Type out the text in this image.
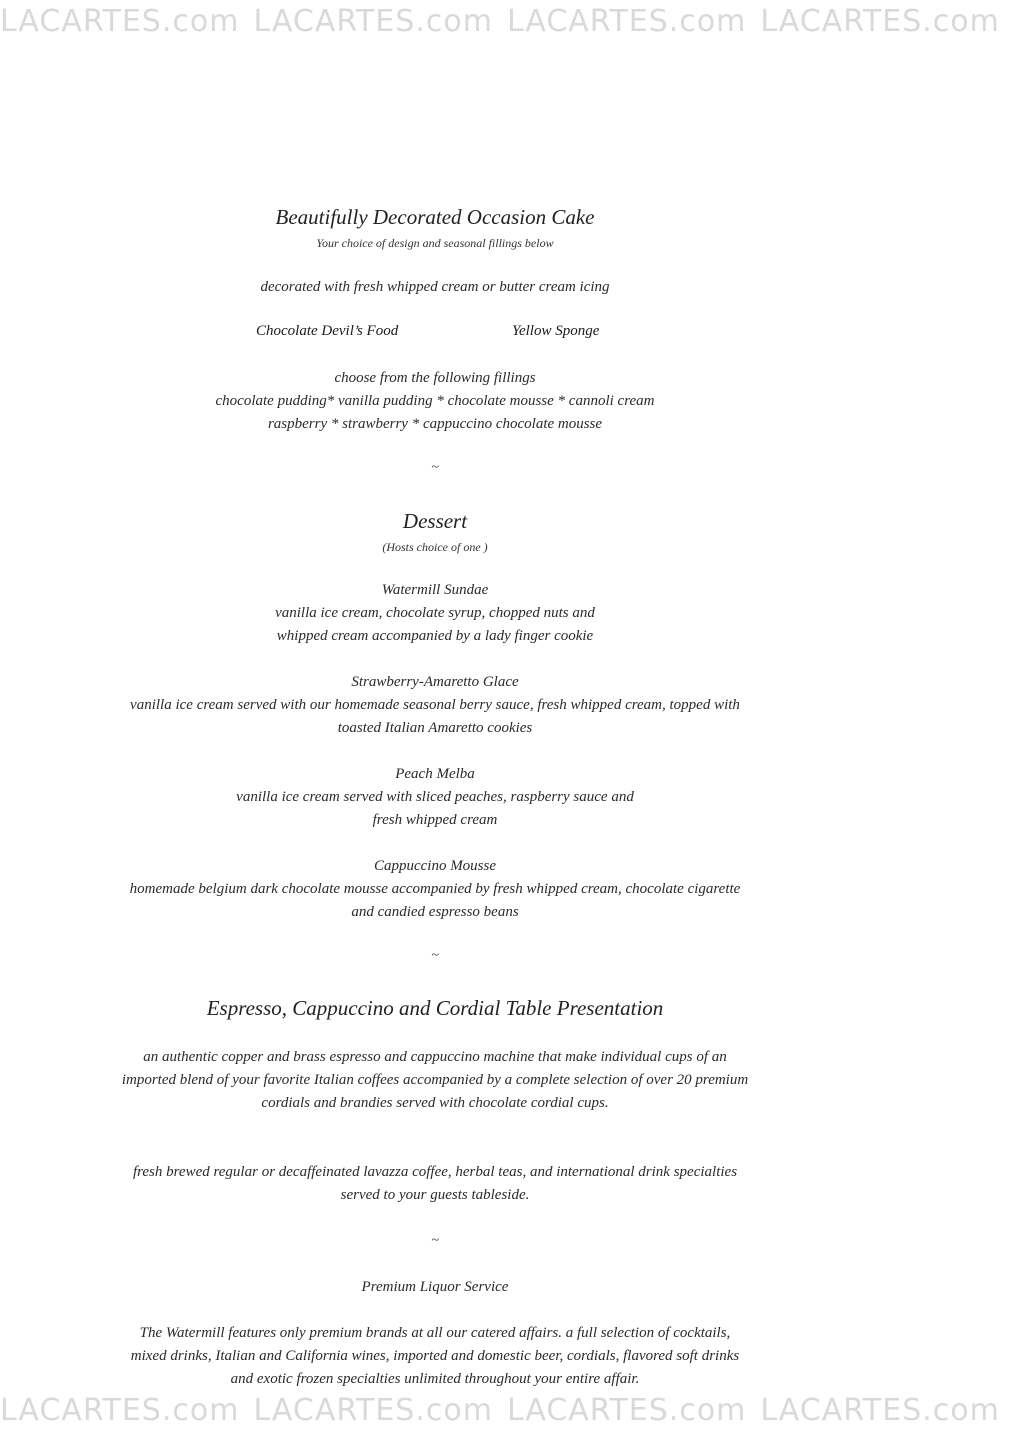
LACARTES.com LACARTES.com LACARTES.com LACARTES.com
Beautifully Decorated Occasion Cake
Your choice of design and seasonal fillings below
decorated with fresh whipped cream or butter cream icing
Chocolate Devil’s Food	Yellow Sponge
choose from the following fillings
chocolate pudding* vanilla pudding * chocolate mousse * cannoli cream
raspberry * strawberry * cappuccino chocolate mousse
~
Dessert
(Hosts choice of one )
Watermill Sundae
vanilla ice cream, chocolate syrup, chopped nuts and
whipped cream accompanied by a lady finger cookie
Strawberry-Amaretto Glace
vanilla ice cream served with our homemade seasonal berry sauce, fresh whipped cream, topped with
toasted Italian Amaretto cookies
Peach Melba
vanilla ice cream served with sliced peaches, raspberry sauce and
fresh whipped cream
Cappuccino Mousse
homemade belgium dark chocolate mousse accompanied by fresh whipped cream, chocolate cigarette
and candied espresso beans
~
Espresso, Cappuccino and Cordial Table Presentation
an authentic copper and brass espresso and cappuccino machine that make individual cups of an
imported blend of your favorite Italian coffees accompanied by a complete selection of over 20 premium
cordials and brandies served with chocolate cordial cups.
fresh brewed regular or decaffeinated lavazza coffee, herbal teas, and international drink specialties
served to your guests tableside.
~
Premium Liquor Service
The Watermill features only premium brands at all our catered affairs. a full selection of cocktails,
mixed drinks, Italian and California wines, imported and domestic beer, cordials, flavored soft drinks
and exotic frozen specialties unlimited throughout your entire affair.
LACARTES.com LACARTES.com LACARTES.com LACARTES.com
